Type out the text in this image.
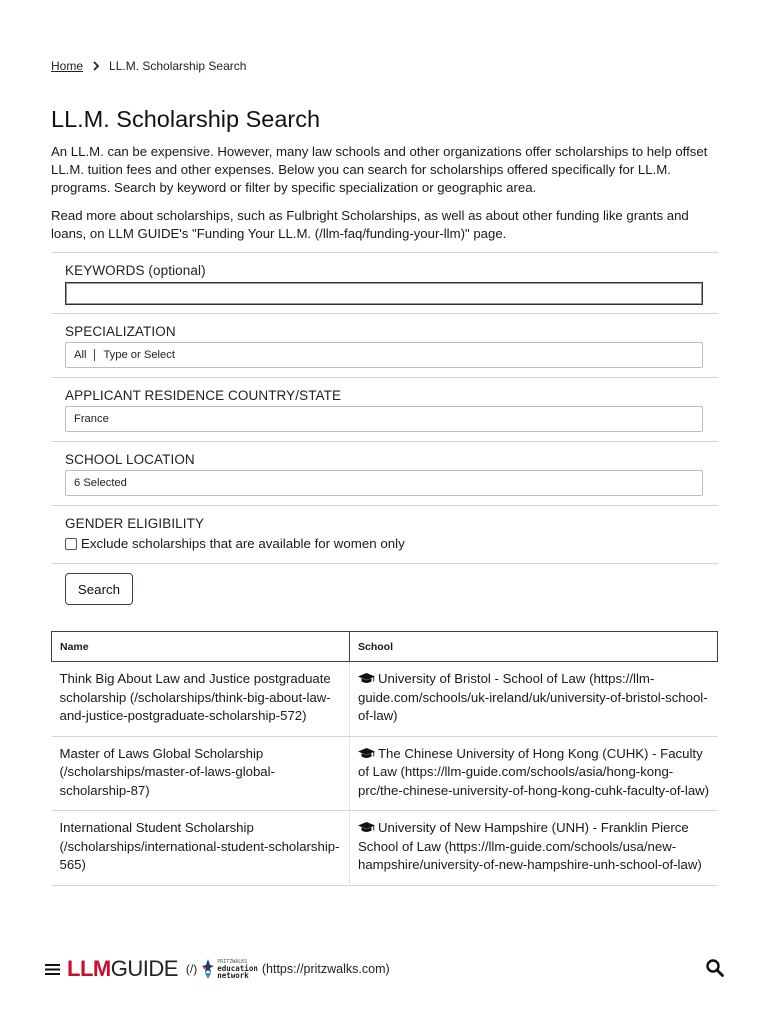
Home LL.M. Scholarship Search
LL.M. Scholarship Search

An LL.M. can be expensive. However, many law schools and other organizations offer scholarships to help offset LL.M. tuition fees and other expenses. Below you can search for scholarships offered specifically for LL.M. programs. Search by keyword or filter by specific specialization or geographic area.

Read more about scholarships, such as Fulbright Scholarships, as well as about other funding like grants and loans, on LLM GUIDE's "Funding Your LL.M. (/llm-faq/funding-your-llm)" page.

KEYWORDS (optional)
SPECIALIZATION
All Type or Select
APPLICANT RESIDENCE COUNTRY/STATE
France
SCHOOL LOCATION
6 Selected
GENDER ELIGIBILITY
Exclude scholarships that are available for women only
Search
Name	School
Think Big About Law and Justice postgraduate scholarship (/scholarships/think-big-about-law-and-justice-postgraduate-scholarship-572)	University of Bristol - School of Law (https://llm-guide.com/schools/uk-ireland/uk/university-of-bristol-school-of-law)
Master of Laws Global Scholarship (/scholarships/master-of-laws-global-scholarship-87)	The Chinese University of Hong Kong (CUHK) - Faculty of Law (https://llm-guide.com/schools/asia/hong-kong-prc/the-chinese-university-of-hong-kong-cuhk-faculty-of-law)
International Student Scholarship (/scholarships/international-student-scholarship-565)	University of New Hampshire (UNH) - Franklin Pierce School of Law (https://llm-guide.com/schools/usa/new-hampshire/university-of-new-hampshire-unh-school-of-law)
LLM GUIDE (/)
PRITZWALKS
education
network	(https://pritzwalks.com)
